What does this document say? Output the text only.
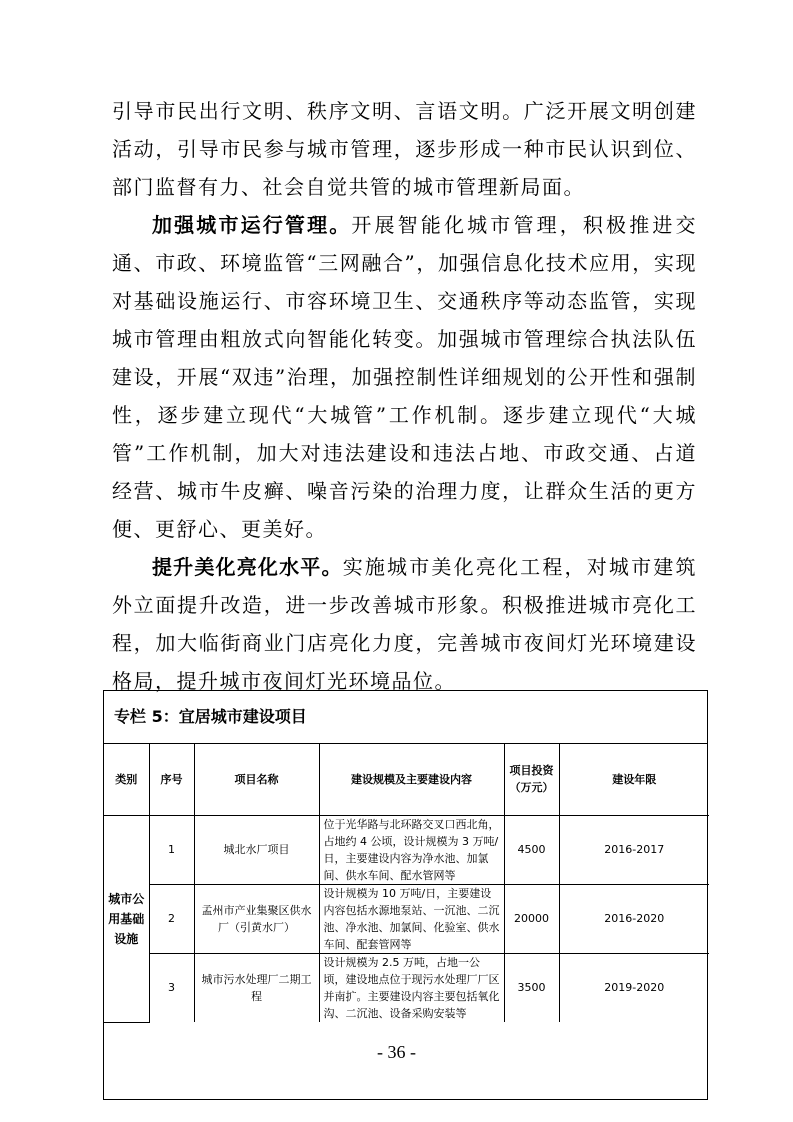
引导市民出行文明、秩序文明、言语文明。广泛开展文明创建活动，引导市民参与城市管理，逐步形成一种市民认识到位、部门监督有力、社会自觉共管的城市管理新局面。

加强城市运行管理。开展智能化城市管理，积极推进交通、市政、环境监管“三网融合”，加强信息化技术应用，实现对基础设施运行、市容环境卫生、交通秩序等动态监管，实现城市管理由粗放式向智能化转变。加强城市管理综合执法队伍建设，开展“双违”治理，加强控制性详细规划的公开性和强制性，逐步建立现代“大城管”工作机制。逐步建立现代“大城管”工作机制，加大对违法建设和违法占地、市政交通、占道经营、城市牛皮癣、噪音污染的治理力度，让群众生活的更方便、更舒心、更美好。

提升美化亮化水平。实施城市美化亮化工程，对城市建筑外立面提升改造，进一步改善城市形象。积极推进城市亮化工程，加大临街商业门店亮化力度，完善城市夜间灯光环境建设格局，提升城市夜间灯光环境品位。

专栏 5：宜居城市建设项目
类别	序号	项目名称	建设规模及主要建设内容	项目投资（万元）	建设年限
城市公用基础设施	1	城北水厂项目	位于光华路与北环路交叉口西北角，占地约 4 公顷，设计规模为 3 万吨/日，主要建设内容为净水池、加氯间、供水车间、配水管网等	4500	2016-2017
	2	孟州市产业集聚区供水厂（引黄水厂）	设计规模为 10 万吨/日，主要建设内容包括水源地泵站、一沉池、二沉池、净水池、加氯间、化验室、供水车间、配套管网等	20000	2016-2020
	3	城市污水处理厂二期工程	设计规模为 2.5 万吨，占地一公顷，建设地点位于现污水处理厂厂区并南扩。主要建设内容主要包括氧化沟、二沉池、设备采购安装等	3500	2019-2020
- 36 -
